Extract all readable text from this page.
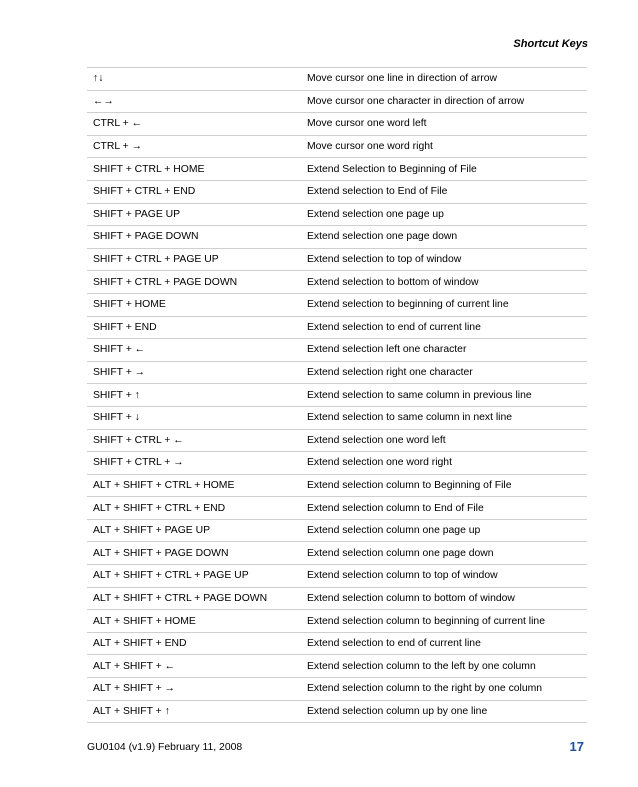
Shortcut Keys
↑↓	Move cursor one line in direction of arrow
←→	Move cursor one character in direction of arrow
CTRL + ←	Move cursor one word left
CTRL + →	Move cursor one word right
SHIFT + CTRL + HOME	Extend Selection to Beginning of File
SHIFT + CTRL + END	Extend selection to End of File
SHIFT + PAGE UP	Extend selection one page up
SHIFT + PAGE DOWN	Extend selection one page down
SHIFT + CTRL + PAGE UP	Extend selection to top of window
SHIFT + CTRL + PAGE DOWN	Extend selection to bottom of window
SHIFT + HOME	Extend selection to beginning of current line
SHIFT + END	Extend selection to end of current line
SHIFT + ←	Extend selection left one character
SHIFT + →	Extend selection right one character
SHIFT + ↑	Extend selection to same column in previous line
SHIFT + ↓	Extend selection to same column in next line
SHIFT + CTRL + ←	Extend selection one word left
SHIFT + CTRL + →	Extend selection one word right
ALT + SHIFT + CTRL + HOME	Extend selection column to Beginning of File
ALT + SHIFT + CTRL + END	Extend selection column to End of File
ALT + SHIFT + PAGE UP	Extend selection column one page up
ALT + SHIFT + PAGE DOWN	Extend selection column one page down
ALT + SHIFT + CTRL + PAGE UP	Extend selection column to top of window
ALT + SHIFT + CTRL + PAGE DOWN	Extend selection column to bottom of window
ALT + SHIFT + HOME	Extend selection column to beginning of current line
ALT + SHIFT + END	Extend selection to end of current line
ALT + SHIFT + ←	Extend selection column to the left by one column
ALT + SHIFT + →	Extend selection column to the right by one column
ALT + SHIFT + ↑	Extend selection column up by one line
GU0104 (v1.9) February 11, 2008	17
